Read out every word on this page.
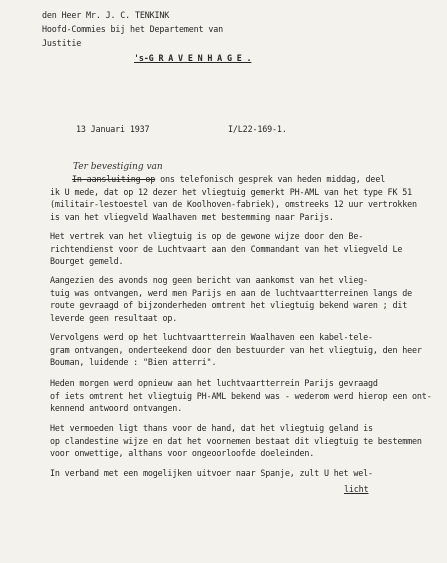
den Heer Mr. J. C. TENKINK
Hoofd-Commies bij het Departement van
Justitie
's-G R A V E N H A G E .
13 Januari 1937	I/L22-169-1.
Ter bevestiging van
In aansluiting op ons telefonisch gesprek van heden middag, deel
ik U mede, dat op 12 dezer het vliegtuig gemerkt PH-AML van het type FK 51
(militair-lestoestel van de Koolhoven-fabriek), omstreeks 12 uur vertrokken
is van het vliegveld Waalhaven met bestemming naar Parijs.
Het vertrek van het vliegtuig is op de gewone wijze door den Be-
richtendienst voor de Luchtvaart aan den Commandant van het vliegveld Le
Bourget gemeld.
Aangezien des avonds nog geen bericht van aankomst van het vlieg-
tuig was ontvangen, werd men Parijs en aan de luchtvaartterreinen langs de
route gevraagd of bijzonderheden omtrent het vliegtuig bekend waren ; dit
leverde geen resultaat op.
Vervolgens werd op het luchtvaartterrein Waalhaven een kabel-tele-
gram ontvangen, onderteekend door den bestuurder van het vliegtuig, den heer
Bouman, luidende : "Bien atterri".
Heden morgen werd opnieuw aan het luchtvaartterrein Parijs gevraagd
of iets omtrent het vliegtuig PH-AML bekend was - wederom werd hierop een ont-
kennend antwoord ontvangen.
Het vermoeden ligt thans voor de hand, dat het vliegtuig geland is
op clandestine wijze en dat het voornemen bestaat dit vliegtuig te bestemmen
voor onwettige, althans voor ongeoorloofde doeleinden.
In verband met een mogelijken uitvoer naar Spanje, zult U het wel-
licht
